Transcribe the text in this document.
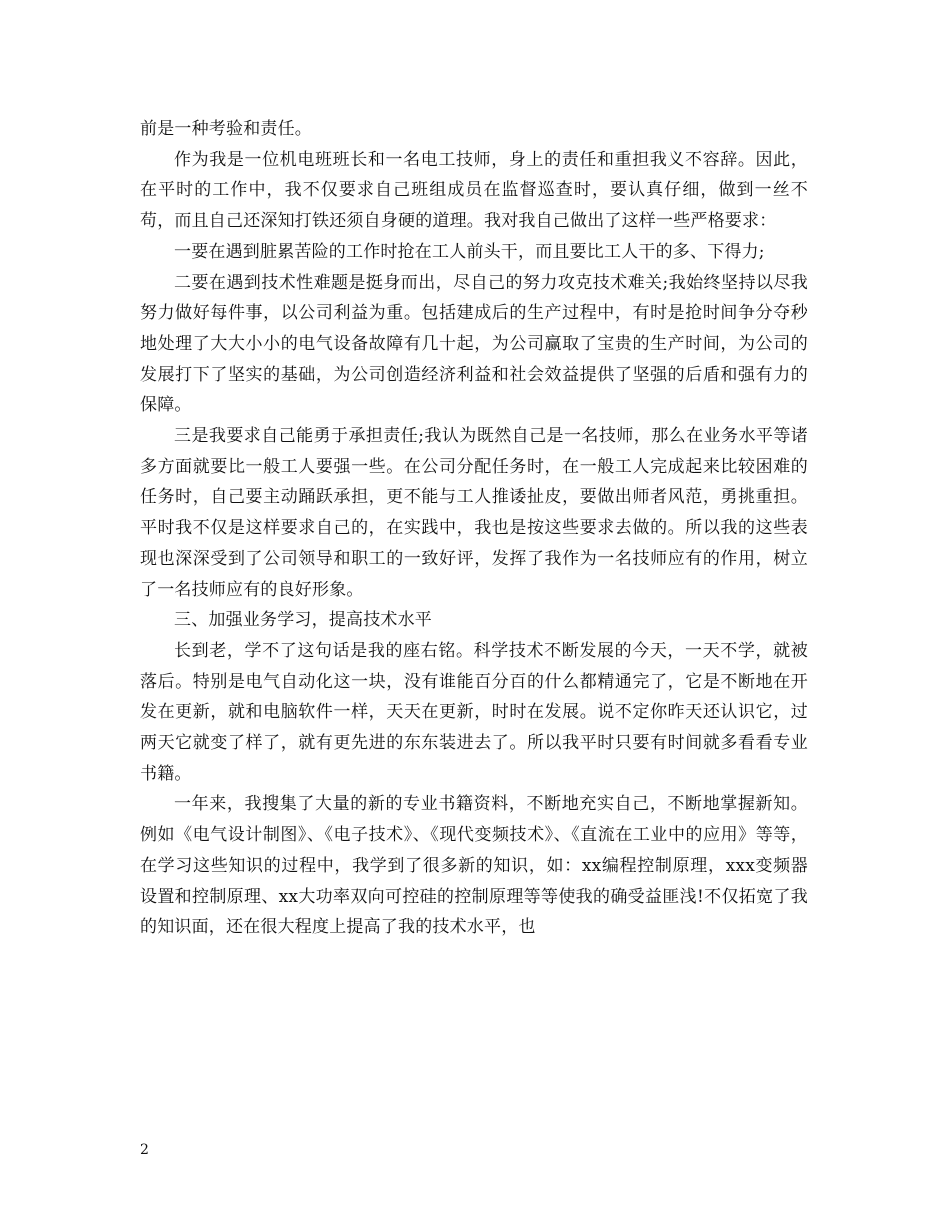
前是一种考验和责任。

作为我是一位机电班班长和一名电工技师，身上的责任和重担我义不容辞。因此，在平时的工作中，我不仅要求自己班组成员在监督巡查时，要认真仔细，做到一丝不苟，而且自己还深知打铁还须自身硬的道理。我对我自己做出了这样一些严格要求：

一要在遇到脏累苦险的工作时抢在工人前头干，而且要比工人干的多、下得力;

二要在遇到技术性难题是挺身而出，尽自己的努力攻克技术难关;我始终坚持以尽我努力做好每件事，以公司利益为重。包括建成后的生产过程中，有时是抢时间争分夺秒地处理了大大小小的电气设备故障有几十起，为公司赢取了宝贵的生产时间，为公司的发展打下了坚实的基础，为公司创造经济利益和社会效益提供了坚强的后盾和强有力的保障。

三是我要求自己能勇于承担责任;我认为既然自己是一名技师，那么在业务水平等诸多方面就要比一般工人要强一些。在公司分配任务时，在一般工人完成起来比较困难的任务时，自己要主动踊跃承担，更不能与工人推诿扯皮，要做出师者风范，勇挑重担。平时我不仅是这样要求自己的，在实践中，我也是按这些要求去做的。所以我的这些表现也深深受到了公司领导和职工的一致好评，发挥了我作为一名技师应有的作用，树立了一名技师应有的良好形象。

三、加强业务学习，提高技术水平

长到老，学不了这句话是我的座右铭。科学技术不断发展的今天，一天不学，就被落后。特别是电气自动化这一块，没有谁能百分百的什么都精通完了，它是不断地在开发在更新，就和电脑软件一样，天天在更新，时时在发展。说不定你昨天还认识它，过两天它就变了样了，就有更先进的东东装进去了。所以我平时只要有时间就多看看专业书籍。

一年来，我搜集了大量的新的专业书籍资料，不断地充实自己，不断地掌握新知。例如《电气设计制图》、《电子技术》、《现代变频技术》、《直流在工业中的应用》等等，在学习这些知识的过程中，我学到了很多新的知识，如：xx编程控制原理，xxx变频器设置和控制原理、xx大功率双向可控硅的控制原理等等使我的确受益匪浅!不仅拓宽了我的知识面，还在很大程度上提高了我的技术水平，也

2
